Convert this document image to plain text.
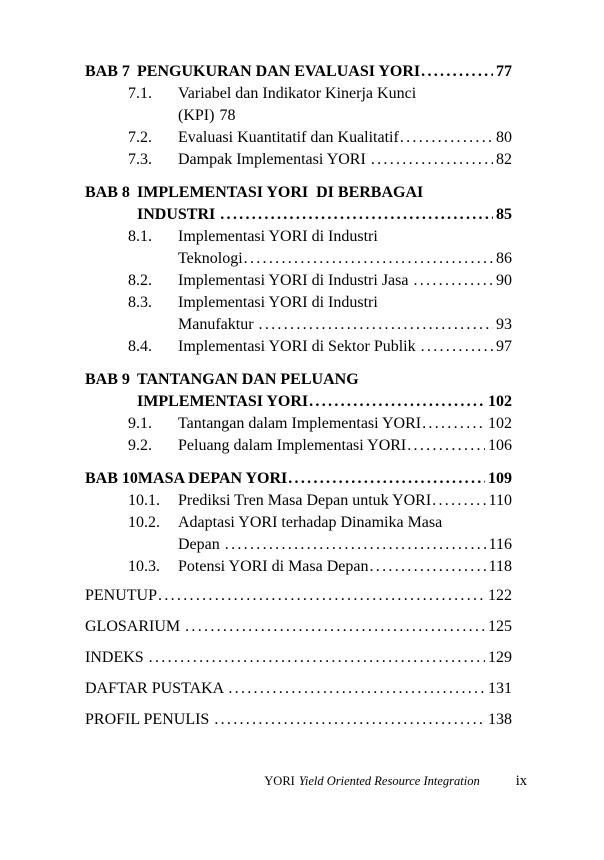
BAB 7 PENGUKURAN DAN EVALUASI YORI .....	77
7.1.	Variabel dan Indikator Kinerja Kunci
(KPI) 78
7.2.	Evaluasi Kuantitatif dan Kualitatif .....	80
7.3.	Dampak Implementasi YORI .....	82
BAB 8 IMPLEMENTASI YORI  DI BERBAGAI
INDUSTRI .....	85
8.1.	Implementasi YORI di Industri
Teknologi .....	86
8.2.	Implementasi YORI di Industri Jasa .....	90
8.3.	Implementasi YORI di Industri
Manufaktur .....	93
8.4.	Implementasi YORI di Sektor Publik .....	97
BAB 9 TANTANGAN DAN PELUANG
IMPLEMENTASI YORI .....	102
9.1.	Tantangan dalam Implementasi YORI .....	102
9.2.	Peluang dalam Implementasi YORI .....	106
BAB 10 MASA DEPAN YORI .....	109
10.1.	Prediksi Tren Masa Depan untuk YORI .....	110
10.2.	Adaptasi YORI terhadap Dinamika Masa
Depan .....	116
10.3.	Potensi YORI di Masa Depan .....	118
PENUTUP .....	122
GLOSARIUM .....	125
INDEKS .....	129
DAFTAR PUSTAKA .....	131
PROFIL PENULIS .....	138
YORI Yield Oriented Resource Integration ix
